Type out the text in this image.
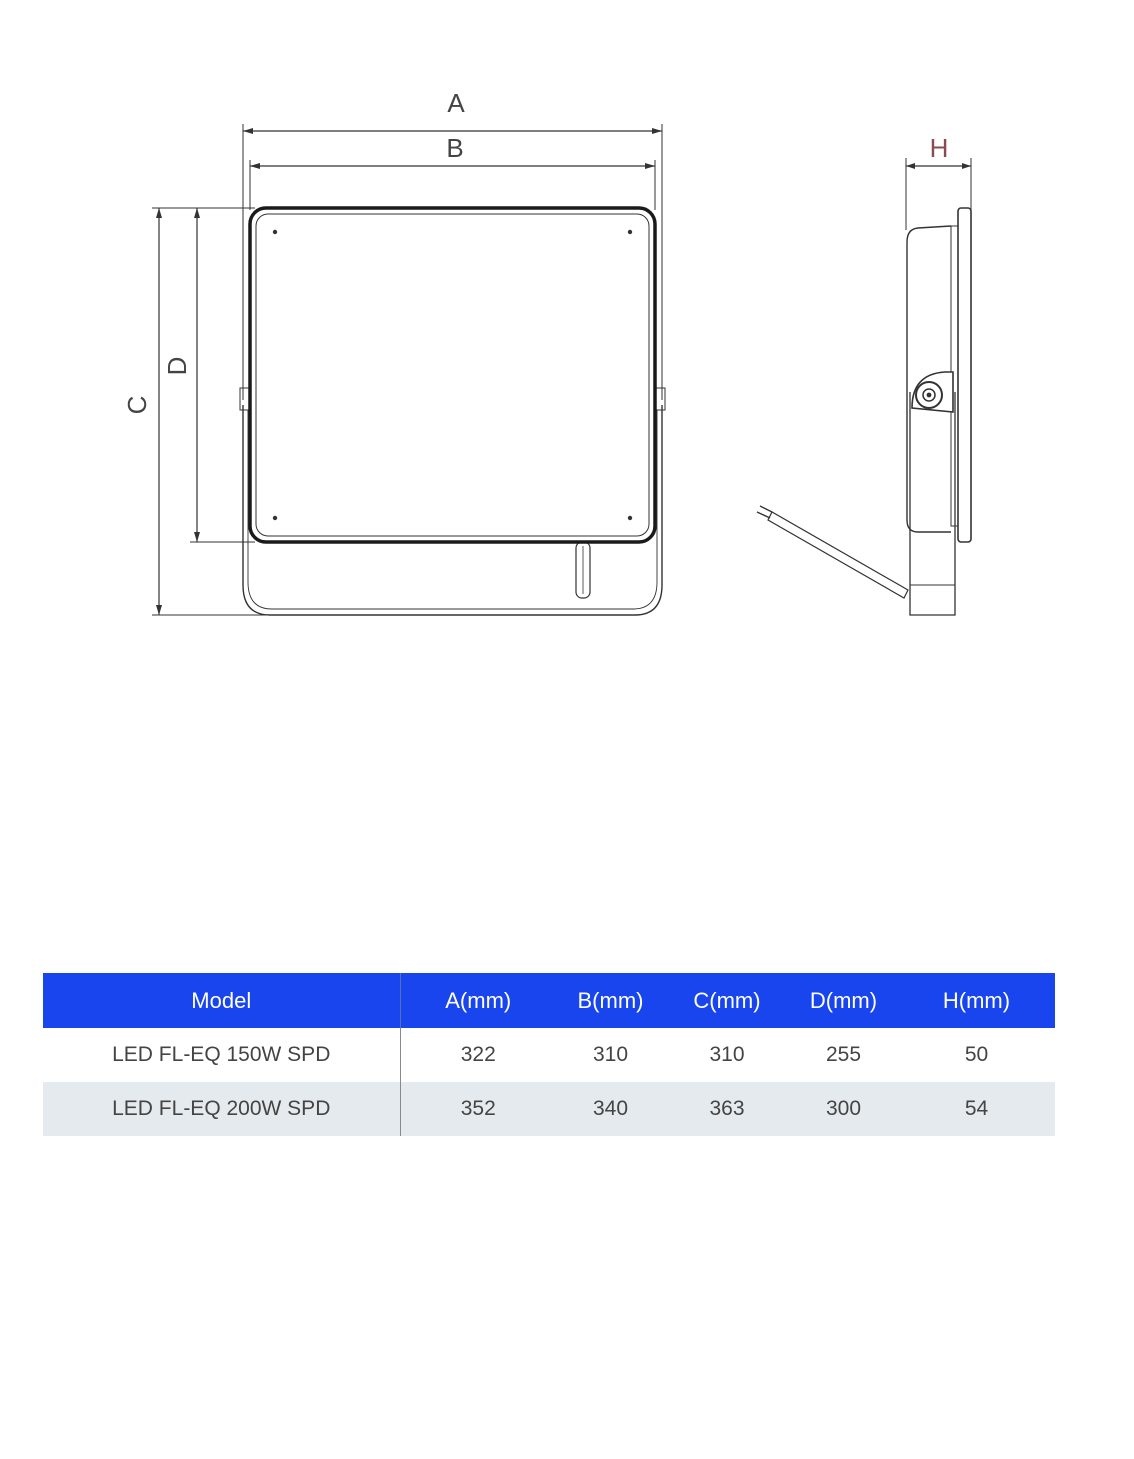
A
B
C
D
H
Model	A(mm)	B(mm)	C(mm)	D(mm)	H(mm)
LED FL-EQ 150W SPD	322	310	310	255	50
LED FL-EQ 200W SPD	352	340	363	300	54
